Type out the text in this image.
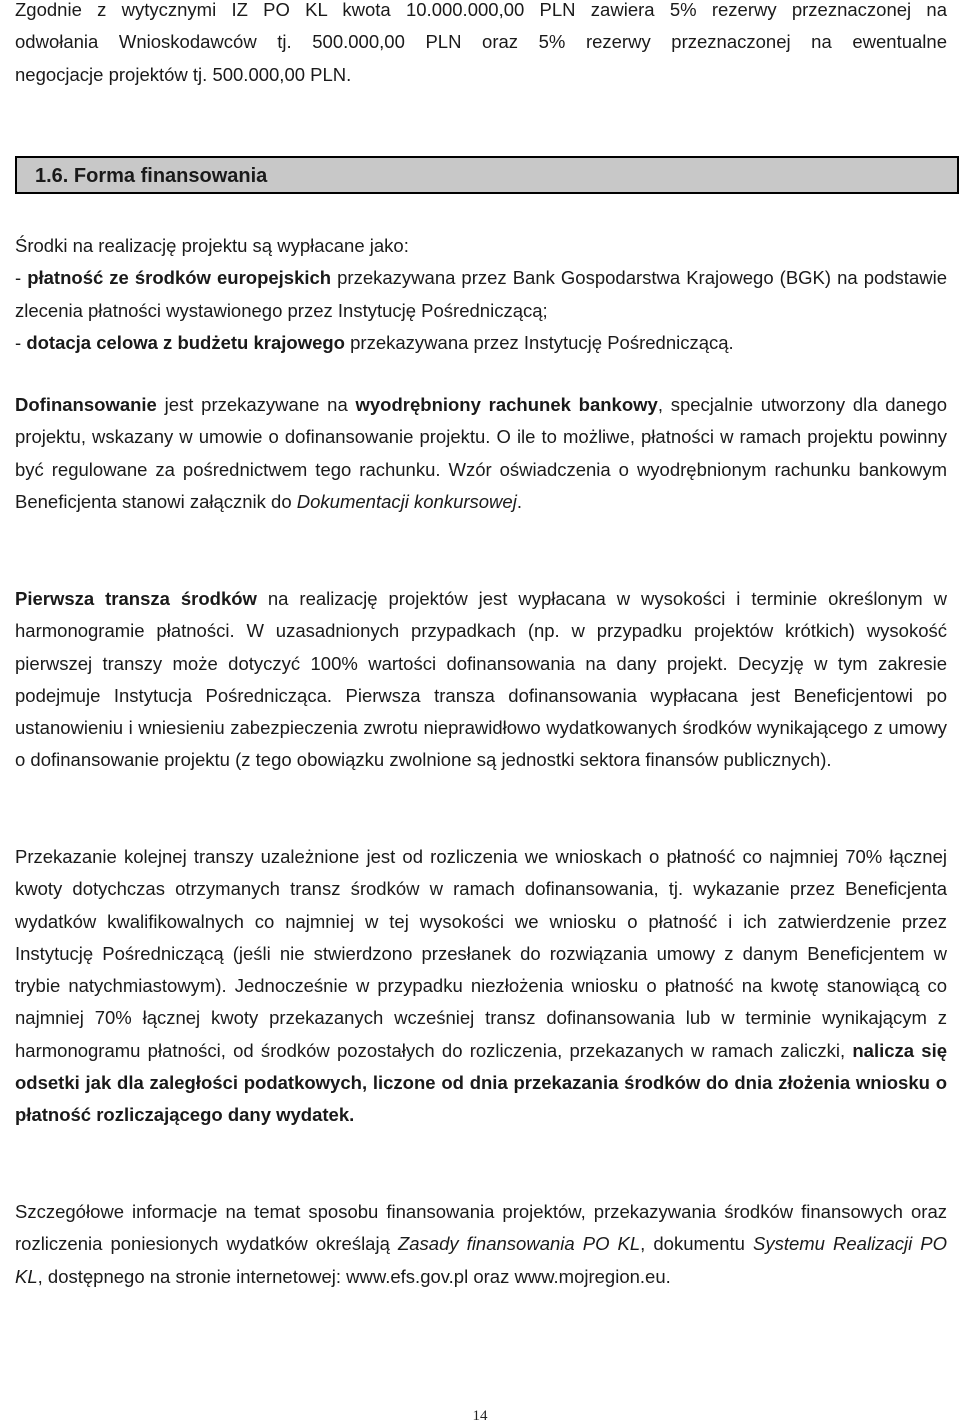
Zgodnie z wytycznymi IZ PO KL kwota 10.000.000,00 PLN zawiera 5% rezerwy przeznaczonej na

odwołania Wnioskodawców tj. 500.000,00 PLN oraz 5% rezerwy przeznaczonej na ewentualne

negocjacje projektów tj. 500.000,00 PLN.

1.6. Forma finansowania

Środki na realizację projektu są wypłacane jako:

- płatność ze środków europejskich przekazywana przez Bank Gospodarstwa Krajowego (BGK) na podstawie zlecenia płatności wystawionego przez Instytucję Pośredniczącą;

- dotacja celowa z budżetu krajowego przekazywana przez Instytucję Pośredniczącą.

Dofinansowanie jest przekazywane na wyodrębniony rachunek bankowy, specjalnie utworzony dla danego projektu, wskazany w umowie o dofinansowanie projektu. O ile to możliwe, płatności w ramach projektu powinny być regulowane za pośrednictwem tego rachunku. Wzór oświadczenia o wyodrębnionym rachunku bankowym Beneficjenta stanowi załącznik do Dokumentacji konkursowej.

Pierwsza transza środków na realizację projektów jest wypłacana w wysokości i terminie określonym w harmonogramie płatności. W uzasadnionych przypadkach (np. w przypadku projektów krótkich) wysokość pierwszej transzy może dotyczyć 100% wartości dofinansowania na dany projekt. Decyzję w tym zakresie podejmuje Instytucja Pośrednicząca. Pierwsza transza dofinansowania wypłacana jest Beneficjentowi po ustanowieniu i wniesieniu zabezpieczenia zwrotu nieprawidłowo wydatkowanych środków wynikającego z umowy o dofinansowanie projektu (z tego obowiązku zwolnione są jednostki sektora finansów publicznych).

Przekazanie kolejnej transzy uzależnione jest od rozliczenia we wnioskach o płatność co najmniej 70% łącznej kwoty dotychczas otrzymanych transz środków w ramach dofinansowania, tj. wykazanie przez Beneficjenta wydatków kwalifikowalnych co najmniej w tej wysokości we wniosku o płatność i ich zatwierdzenie przez Instytucję Pośredniczącą (jeśli nie stwierdzono przesłanek do rozwiązania umowy z danym Beneficjentem w trybie natychmiastowym). Jednocześnie w przypadku niezłożenia wniosku o płatność na kwotę stanowiącą co najmniej 70% łącznej kwoty przekazanych wcześniej transz dofinansowania lub w terminie wynikającym z harmonogramu płatności, od środków pozostałych do rozliczenia, przekazanych w ramach zaliczki, nalicza się odsetki jak dla zaległości podatkowych, liczone od dnia przekazania środków do dnia złożenia wniosku o płatność rozliczającego dany wydatek.

Szczegółowe informacje na temat sposobu finansowania projektów, przekazywania środków finansowych oraz rozliczenia poniesionych wydatków określają Zasady finansowania PO KL, dokumentu Systemu Realizacji PO KL, dostępnego na stronie internetowej: www.efs.gov.pl oraz www.mojregion.eu.

14
